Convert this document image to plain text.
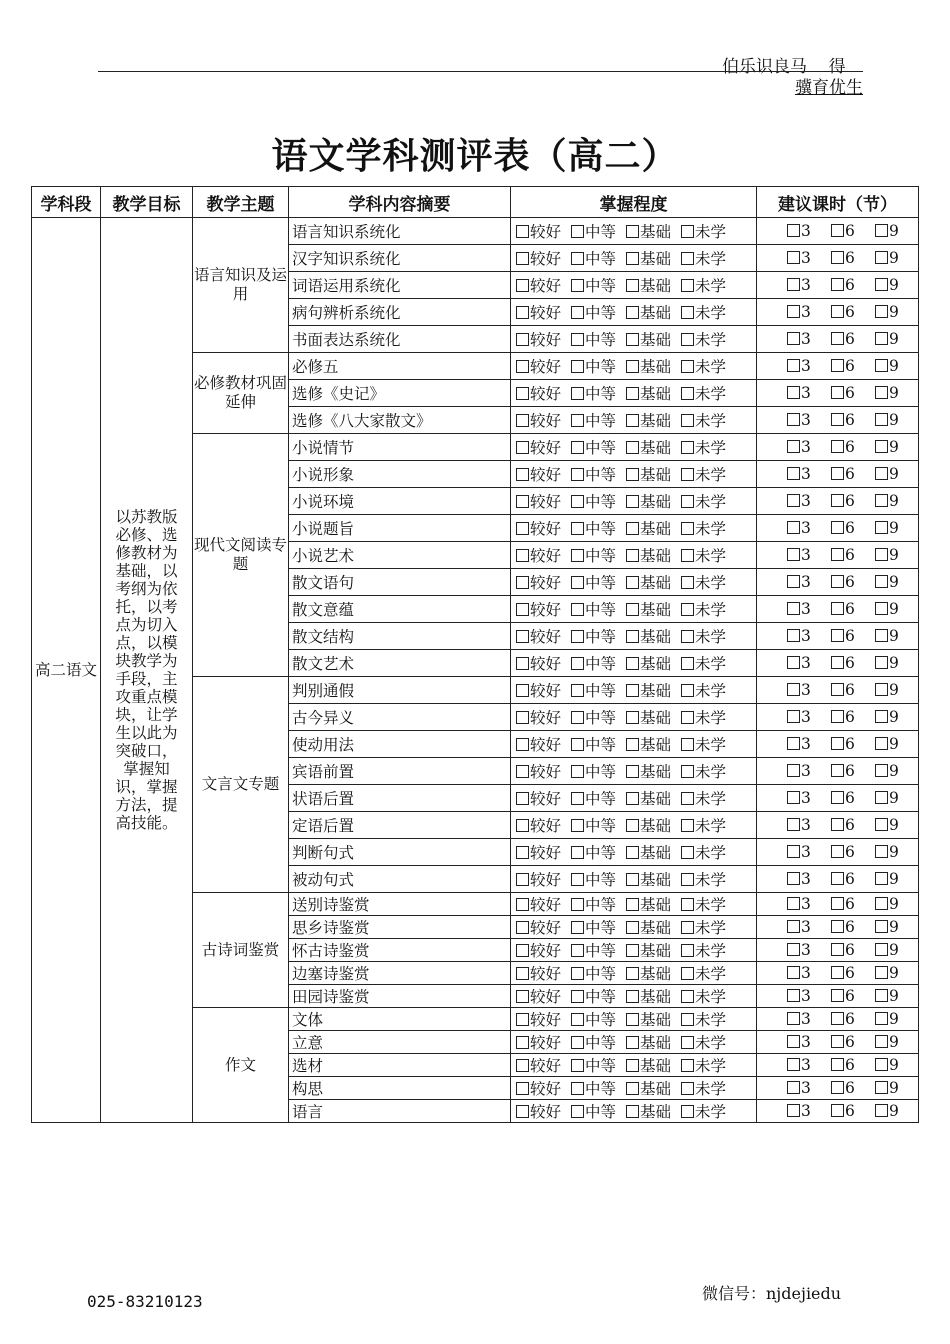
伯乐识良马    得
骥育优生
语文学科测评表（高二）
学科段	教学目标	教学主题	学科内容摘要	掌握程度	建议课时（节）
高二语文	以苏教版必修、选修教材为基础，以考纲为依托，以考点为切入点，以模块教学为手段，主攻重点模块，让学生以此为突破口，掌握知识，掌握方法，提高技能。	语言知识及运用	语言知识系统化	较好 中等 基础 未学	3 6 9
			汉字知识系统化	较好 中等 基础 未学	3 6 9
			词语运用系统化	较好 中等 基础 未学	3 6 9
			病句辨析系统化	较好 中等 基础 未学	3 6 9
			书面表达系统化	较好 中等 基础 未学	3 6 9
		必修教材巩固延伸	必修五	较好 中等 基础 未学	3 6 9
			选修《史记》	较好 中等 基础 未学	3 6 9
			选修《八大家散文》	较好 中等 基础 未学	3 6 9
		现代文阅读专题	小说情节	较好 中等 基础 未学	3 6 9
			小说形象	较好 中等 基础 未学	3 6 9
			小说环境	较好 中等 基础 未学	3 6 9
			小说题旨	较好 中等 基础 未学	3 6 9
			小说艺术	较好 中等 基础 未学	3 6 9
			散文语句	较好 中等 基础 未学	3 6 9
			散文意蕴	较好 中等 基础 未学	3 6 9
			散文结构	较好 中等 基础 未学	3 6 9
			散文艺术	较好 中等 基础 未学	3 6 9
		文言文专题	判别通假	较好 中等 基础 未学	3 6 9
			古今异义	较好 中等 基础 未学	3 6 9
			使动用法	较好 中等 基础 未学	3 6 9
			宾语前置	较好 中等 基础 未学	3 6 9
			状语后置	较好 中等 基础 未学	3 6 9
			定语后置	较好 中等 基础 未学	3 6 9
			判断句式	较好 中等 基础 未学	3 6 9
			被动句式	较好 中等 基础 未学	3 6 9
		古诗词鉴赏	送别诗鉴赏	较好 中等 基础 未学	3 6 9
			思乡诗鉴赏	较好 中等 基础 未学	3 6 9
			怀古诗鉴赏	较好 中等 基础 未学	3 6 9
			边塞诗鉴赏	较好 中等 基础 未学	3 6 9
			田园诗鉴赏	较好 中等 基础 未学	3 6 9
		作文	文体	较好 中等 基础 未学	3 6 9
			立意	较好 中等 基础 未学	3 6 9
			选材	较好 中等 基础 未学	3 6 9
			构思	较好 中等 基础 未学	3 6 9
			语言	较好 中等 基础 未学	3 6 9
025-83210123	微信号：njdejiedu
